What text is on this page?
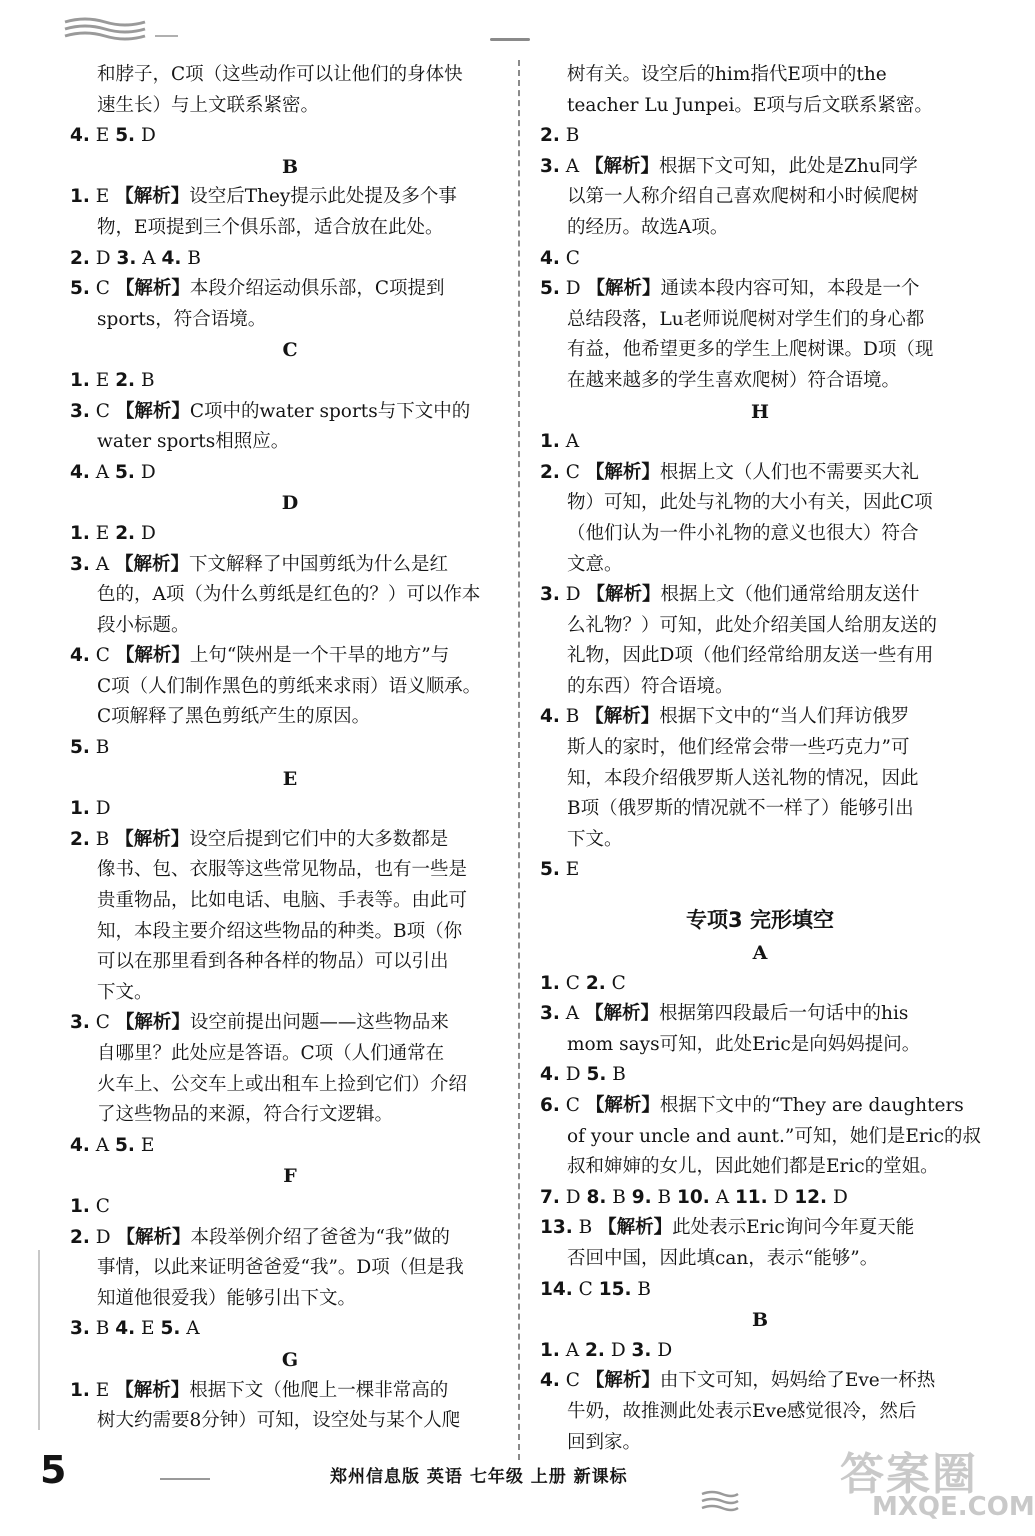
和脖子，C项（这些动作可以让他们的身体快
速生长）与上文联系紧密。
4. E 5. D
B
1. E 【解析】设空后They提示此处提及多个事
物，E项提到三个俱乐部，适合放在此处。
2. D 3. A 4. B
5. C 【解析】本段介绍运动俱乐部，C项提到
sports，符合语境。
C
1. E 2. B
3. C 【解析】C项中的water sports与下文中的
water sports相照应。
4. A 5. D
D
1. E 2. D
3. A 【解析】下文解释了中国剪纸为什么是红
色的，A项（为什么剪纸是红色的？）可以作本
段小标题。
4. C 【解析】上句“陕州是一个干旱的地方”与
C项（人们制作黑色的剪纸来求雨）语义顺承。
C项解释了黑色剪纸产生的原因。
5. B
E
1. D
2. B 【解析】设空后提到它们中的大多数都是
像书、包、衣服等这些常见物品，也有一些是
贵重物品，比如电话、电脑、手表等。由此可
知，本段主要介绍这些物品的种类。B项（你
可以在那里看到各种各样的物品）可以引出
下文。
3. C 【解析】设空前提出问题——这些物品来
自哪里？此处应是答语。C项（人们通常在
火车上、公交车上或出租车上捡到它们）介绍
了这些物品的来源，符合行文逻辑。
4. A 5. E
F
1. C
2. D 【解析】本段举例介绍了爸爸为“我”做的
事情，以此来证明爸爸爱“我”。D项（但是我
知道他很爱我）能够引出下文。
3. B 4. E 5. A
G
1. E 【解析】根据下文（他爬上一棵非常高的
树大约需要8分钟）可知，设空处与某个人爬
树有关。设空后的him指代E项中的the
teacher Lu Junpei。E项与后文联系紧密。
2. B
3. A 【解析】根据下文可知，此处是Zhu同学
以第一人称介绍自己喜欢爬树和小时候爬树
的经历。故选A项。
4. C
5. D 【解析】通读本段内容可知，本段是一个
总结段落，Lu老师说爬树对学生们的身心都
有益，他希望更多的学生上爬树课。D项（现
在越来越多的学生喜欢爬树）符合语境。
H
1. A
2. C 【解析】根据上文（人们也不需要买大礼
物）可知，此处与礼物的大小有关，因此C项
（他们认为一件小礼物的意义也很大）符合
文意。
3. D 【解析】根据上文（他们通常给朋友送什
么礼物？）可知，此处介绍美国人给朋友送的
礼物，因此D项（他们经常给朋友送一些有用
的东西）符合语境。
4. B 【解析】根据下文中的“当人们拜访俄罗
斯人的家时，他们经常会带一些巧克力”可
知，本段介绍俄罗斯人送礼物的情况，因此
B项（俄罗斯的情况就不一样了）能够引出
下文。
5. E
专项3 完形填空
A
1. C 2. C
3. A 【解析】根据第四段最后一句话中的his
mom says可知，此处Eric是向妈妈提问。
4. D 5. B
6. C 【解析】根据下文中的“They are daughters
of your uncle and aunt.”可知，她们是Eric的叔
叔和婶婶的女儿，因此她们都是Eric的堂姐。
7. D 8. B 9. B 10. A 11. D 12. D
13. B 【解析】此处表示Eric询问今年夏天能
否回中国，因此填can，表示“能够”。
14. C 15. B
B
1. A 2. D 3. D
4. C 【解析】由下文可知，妈妈给了Eve一杯热
牛奶，故推测此处表示Eve感觉很冷，然后
回到家。
5	郑州信息版 英语 七年级 上册 新课标	答案圈
MXQE.COM
